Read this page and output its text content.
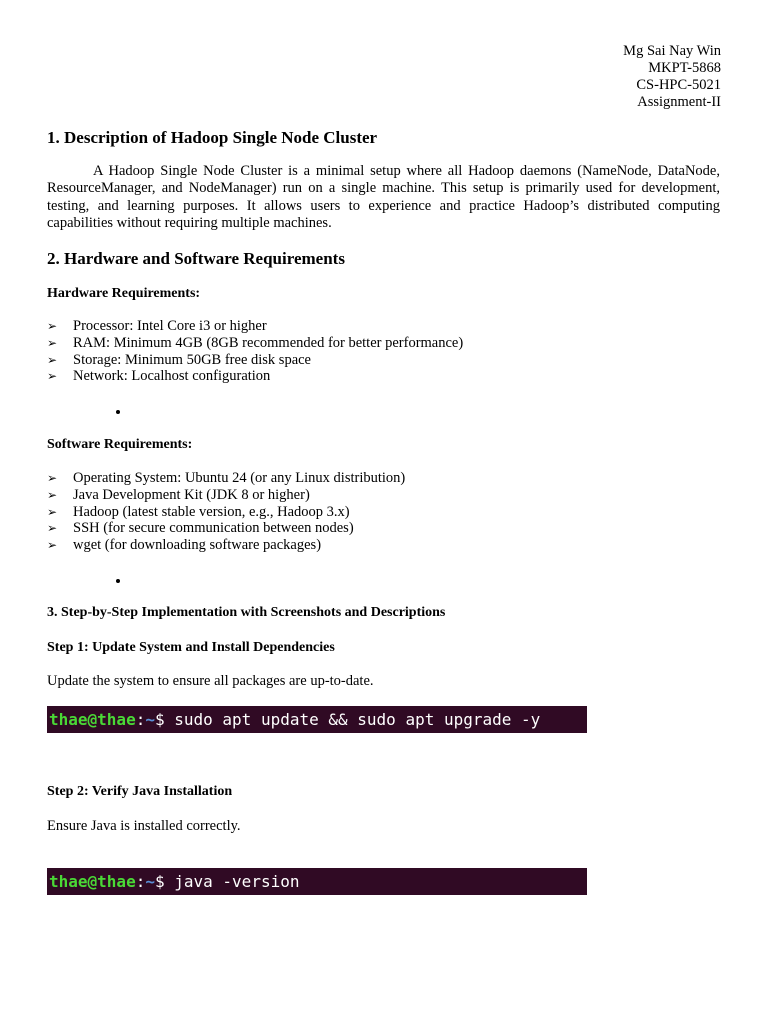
Mg Sai Nay Win
MKPT-5868
CS-HPC-5021
Assignment-II
1. Description of Hadoop Single Node Cluster

A Hadoop Single Node Cluster is a minimal setup where all Hadoop daemons (NameNode, DataNode, ResourceManager, and NodeManager) run on a single machine. This setup is primarily used for development, testing, and learning purposes. It allows users to experience and practice Hadoop’s distributed computing capabilities without requiring multiple machines.

2. Hardware and Software Requirements
Hardware Requirements:
➢ Processor: Intel Core i3 or higher
➢ RAM: Minimum 4GB (8GB recommended for better performance)
➢ Storage: Minimum 50GB free disk space
➢ Network: Localhost configuration
Software Requirements:
➢ Operating System: Ubuntu 24 (or any Linux distribution)
➢ Java Development Kit (JDK 8 or higher)
➢ Hadoop (latest stable version, e.g., Hadoop 3.x)
➢ SSH (for secure communication between nodes)
➢ wget (for downloading software packages)
3. Step-by-Step Implementation with Screenshots and Descriptions
Step 1: Update System and Install Dependencies

Update the system to ensure all packages are up-to-date.

thae@thae:~$ sudo apt update && sudo apt upgrade -y
Step 2: Verify Java Installation

Ensure Java is installed correctly.

thae@thae:~$ java -version
